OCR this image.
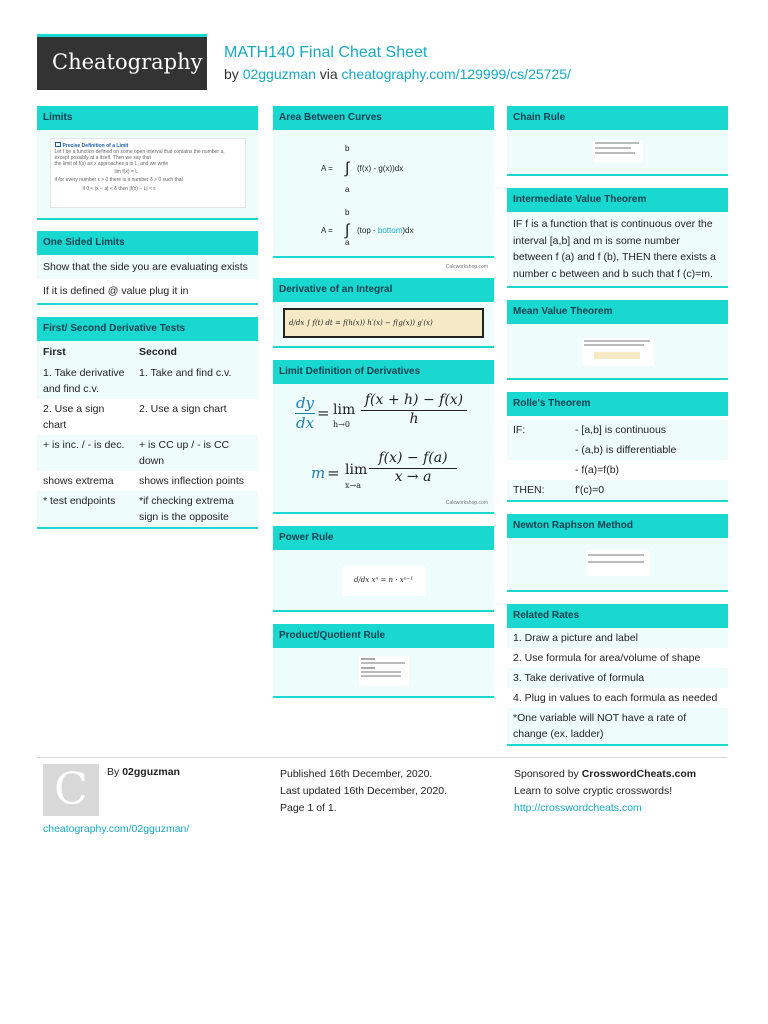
Cheatography MATH140 Final Cheat Sheet
by 02gguzman via cheatography.com/129999/cs/25725/
Limits
Precise Definition of a Limit
Let f be a function defined on some open interval that contains the number a, except possibly at a itself. Then we say that
the limit of f(x) as x approaches a is L, and we write
lim f(x) = L
if for every number ε > 0 there is a number δ > 0 such that
if 0 < |x − a| < δ then |f(x) − L| < ε
One Sided Limits
Show that the side you are evaluating exists
If it is defined @ value plug it in
First/ Second Derivative Tests
First	Second
1. Take derivative and find c.v.	1. Take and find c.v.
2. Use a sign chart	2. Use a sign chart
+ is inc. / - is dec.	+ is CC up / - is CC down
shows extrema	shows inflection points
* test endpoints	*if checking extrema sign is the opposite
Area Between Curves
b
a
b
a
A = ∫ (f(x) - g(x))dx
A = ∫ (top - bottom)dx
Calcworkshop.com
Derivative of an Integral
d/dx ∫ f(t) dt = f(h(x)) h′(x) − f(g(x)) g′(x)
Limit Definition of Derivatives
dy
dx
= lim
h→0
f(x + h) − f(x)
h
m = lim
x→a
f(x) − f(a)
x → a
Calcworkshop.com
Power Rule
d/dx xⁿ = n · xⁿ⁻¹
Product/Quotient Rule
Chain Rule
Intermediate Value Theorem
IF f is a function that is continuous over the interval [a,b] and m is some number between f (a) and f (b), THEN there exists a number c between and b such that f (c)=m.
Mean Value Theorem
Rolle's Theorem
IF:	- [a,b] is continuous
	- (a,b) is differentiable
	- f(a)=f(b)
THEN:	f'(c)=0
Newton Raphson Method
Related Rates
1. Draw a picture and label
2. Use formula for area/volume of shape
3. Take derivative of formula
4. Plug in values to each formula as needed
*One variable will NOT have a rate of change (ex. ladder)
C	By 02gguzman
cheatography.com/02gguzman/
Published 16th December, 2020.
Last updated 16th December, 2020.
Page 1 of 1.
Sponsored by CrosswordCheats.com
Learn to solve cryptic crosswords!
http://crosswordcheats.com
